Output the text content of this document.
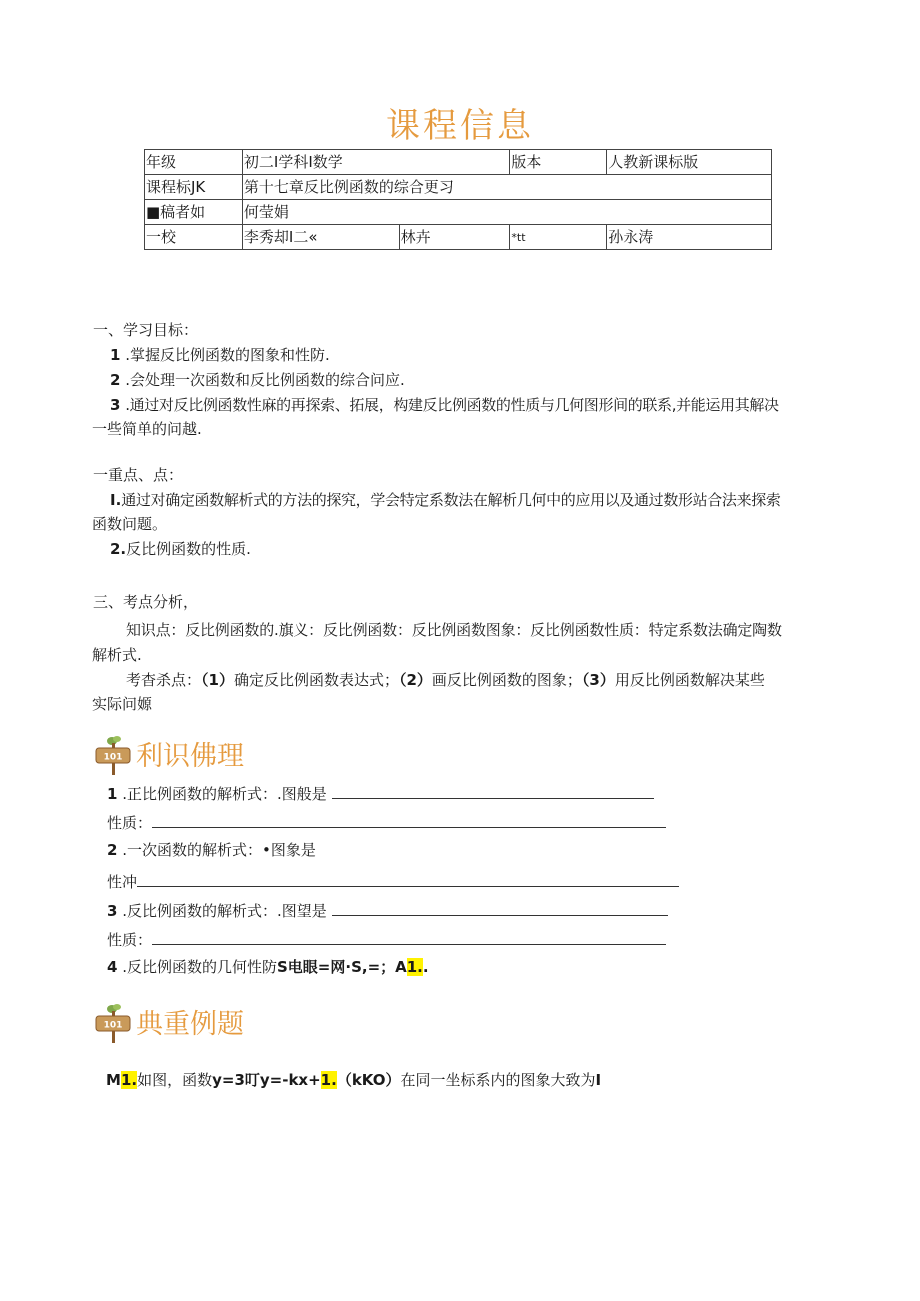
课程信息
年级	初二I学科I数学		版本	人教新课标版
课程标JK	第十七章反比例函数的综合更习			
■稿者如	何莹娟			
一校	李秀却I二«	林卉	*tt	孙永涛
一、学习目标：
1 .掌握反比例函数的图象和性防.
2 .会处理一次函数和反比例函数的综合问应.
3 .通过对反比例函数性麻的再探索、拓展，构建反比例函数的性质与几何图形间的联系,并能运用其解决
一些简单的问越.
一重点、点：
I.通过对确定函数解析式的方法的探究，学会特定系数法在解析几何中的应用以及通过数形站合法来探索
函数问题。
2.反比例函数的性质.
三、考点分析，
知识点：反比例函数的.旗义：反比例函数：反比例函数图象：反比例函数性质：特定系数法确定陶数
解析式.
考杳杀点：（1）确定反比例函数表达式；（2）画反比例函数的图象；（3）用反比例函数解决某些
实际问嫄
101 利识佛理
1 .正比例函数的解析式：.图般是
性质：
2 .一次函数的解析式：•图象是
性冲
3 .反比例函数的解析式：.图望是
性质：
4 .反比例函数的几何性防S电眼=网·S,=；A1..
101 典重例题
M1.如图，函数y=3叮y=-kx+1.（kKO）在同一坐标系内的图象大致为I
